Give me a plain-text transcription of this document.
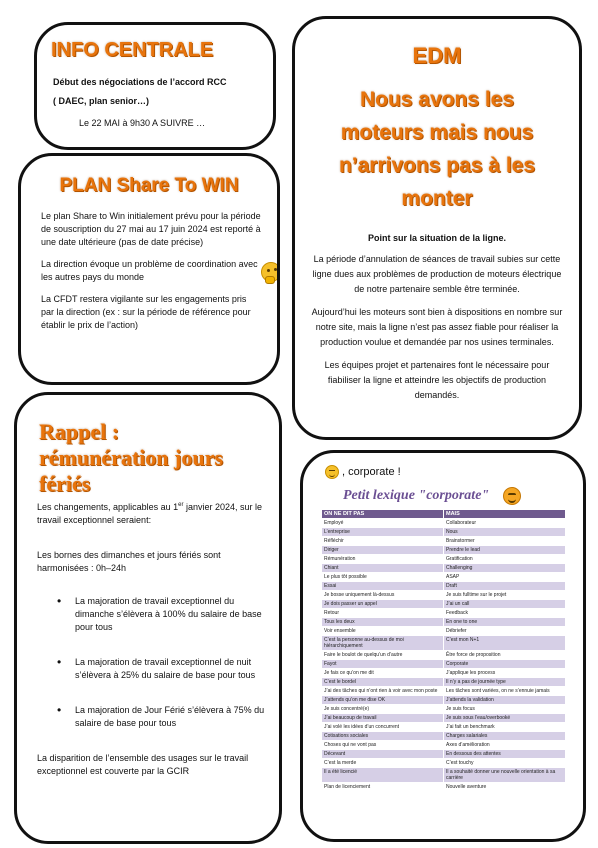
INFO CENTRALE
Début des négociations de l’accord RCC
( DAEC, plan senior…)
Le 22 MAI à 9h30 A SUIVRE …
PLAN Share To WIN
Le plan Share to Win initialement prévu pour la période de souscription du 27 mai au 17 juin 2024 est reporté à une date ultérieure (pas de date précise)
La direction évoque un problème de coordination avec les autres pays du monde
La CFDT restera vigilante sur les engagements pris par la direction (ex : sur la période de référence pour établir le prix de l’action)
Rappel :
rémunération jours
fériés
Les changements, applicables au 1er janvier 2024, sur le travail exceptionnel seraient:
Les bornes des dimanches et jours fériés sont harmonisées : 0h–24h
• La majoration de travail exceptionnel du dimanche s’élèvera à 100% du salaire de base pour tous
• La majoration de travail exceptionnel de nuit s’élèvera à 25% du salaire de base pour tous
• La majoration de Jour Férié s’élèvera à 75% du salaire de base pour tous
La disparition de l’ensemble des usages sur le travail exceptionnel est couverte par la GCIR
EDM
Nous avons les
moteurs mais nous
n’arrivons pas à les
monter
Point sur la situation de la ligne.
La période d’annulation de séances de travail subies sur cette ligne dues aux problèmes de production de moteurs électrique de notre partenaire semble être terminée.
Aujourd’hui les moteurs sont bien à dispositions en nombre sur notre site, mais la ligne n’est pas assez fiable pour réaliser la production voulue et demandée par nos usines terminales.
Les équipes projet et partenaires font le nécessaire pour fiabiliser la ligne et atteindre les objectifs de production demandés.
, corporate !
Petit lexique "corporate"
ON NE DIT PAS	MAIS
Employé	Collaborateur
L’entreprise	Nous
Réfléchir	Brainstormer
Diriger	Prendre le lead
Rémunération	Gratification
Chiant	Challenging
Le plus tôt possible	ASAP
Essai	Draft
Je bosse uniquement là-dessus	Je suis fulltime sur le projet
Je dois passer un appel	J’ai un call
Retour	Feedback
Tous les deux	En one to one
Voir ensemble	Débriefer
C’est la personne au-dessus de moi hiérarchiquement	C’est mon N+1
Faire le boulot de quelqu’un d’autre	Être force de proposition
Fayot	Corporate
Je fais ce qu’on me dit	J’applique les process
C’est le bordel	Il n’y a pas de journée type
J’ai des tâches qui n’ont rien à voir avec mon poste	Les tâches sont variées, on ne s’ennuie jamais
J’attends qu’on me dise OK	J’attends la validation
Je suis concentré(e)	Je suis focus
J’ai beaucoup de travail	Je suis sous l’eau/overbooké
J’ai volé les idées d’un concurrent	J’ai fait un benchmark
Cotisations sociales	Charges salariales
Choses qui ne vont pas	Axes d’amélioration
Décevant	En dessous des attentes
C’est la merde	C’est touchy
Il a été licencié	Il a souhaité donner une nouvelle orientation à sa carrière
Plan de licenciement	Nouvelle aventure
